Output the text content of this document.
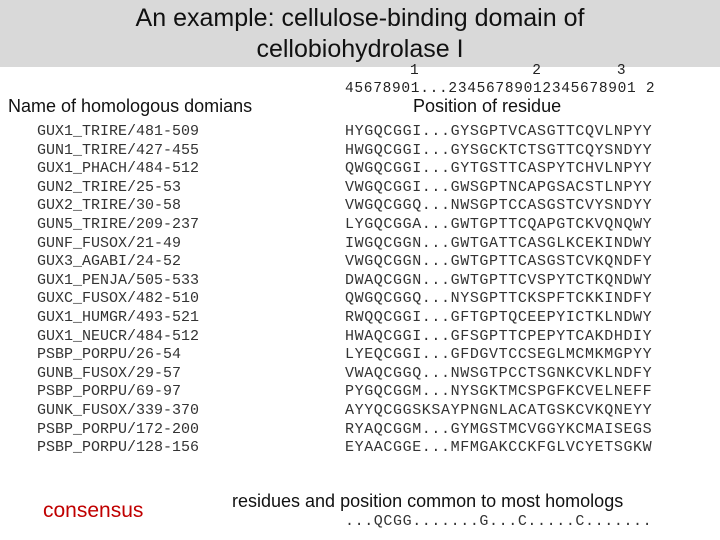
An example: cellulose-binding domain of
cellobiohydrolase I
Name of homologous domians	Position of residue
1            2        3
45678901...23456789012345678901 2
GUX1_TRIRE/481-509
GUN1_TRIRE/427-455
GUX1_PHACH/484-512
GUN2_TRIRE/25-53
GUX2_TRIRE/30-58
GUN5_TRIRE/209-237
GUNF_FUSOX/21-49
GUX3_AGABI/24-52
GUX1_PENJA/505-533
GUXC_FUSOX/482-510
GUX1_HUMGR/493-521
GUX1_NEUCR/484-512
PSBP_PORPU/26-54
GUNB_FUSOX/29-57
PSBP_PORPU/69-97
GUNK_FUSOX/339-370
PSBP_PORPU/172-200
PSBP_PORPU/128-156
HYGQCGGI...GYSGPTVCASGTTCQVLNPYY
HWGQCGGI...GYSGCKTCTSGTTCQYSNDYY
QWGQCGGI...GYTGSTTCASPYTCHVLNPYY
VWGQCGGI...GWSGPTNCAPGSACSTLNPYY
VWGQCGGQ...NWSGPTCCASGSTCVYSNDYY
LYGQCGGA...GWTGPTTCQAPGTCKVQNQWY
IWGQCGGN...GWTGATTCASGLKCEKINDWY
VWGQCGGN...GWTGPTTCASGSTCVKQNDFY
DWAQCGGN...GWTGPTTCVSPYTCTKQNDWY
QWGQCGGQ...NYSGPTTCKSPFTCKKINDFY
RWQQCGGI...GFTGPTQCEEPYICTKLNDWY
HWAQCGGI...GFSGPTTCPEPYTCAKDHDIY
LYEQCGGI...GFDGVTCCSEGLMCMKMGPYY
VWAQCGGQ...NWSGTPCCTSGNKCVKLNDFY
PYGQCGGM...NYSGKTMCSPGFKCVELNEFF
AYYQCGGSKSAYPNGNLACATGSKCVKQNEYY
RYAQCGGM...GYMGSTMCVGGYKCMAISEGS
EYAACGGE...MFMGAKCCKFGLVCYETSGKW
consensus	residues and position common to most homologs
...QCGG.......G...C.....C.......
